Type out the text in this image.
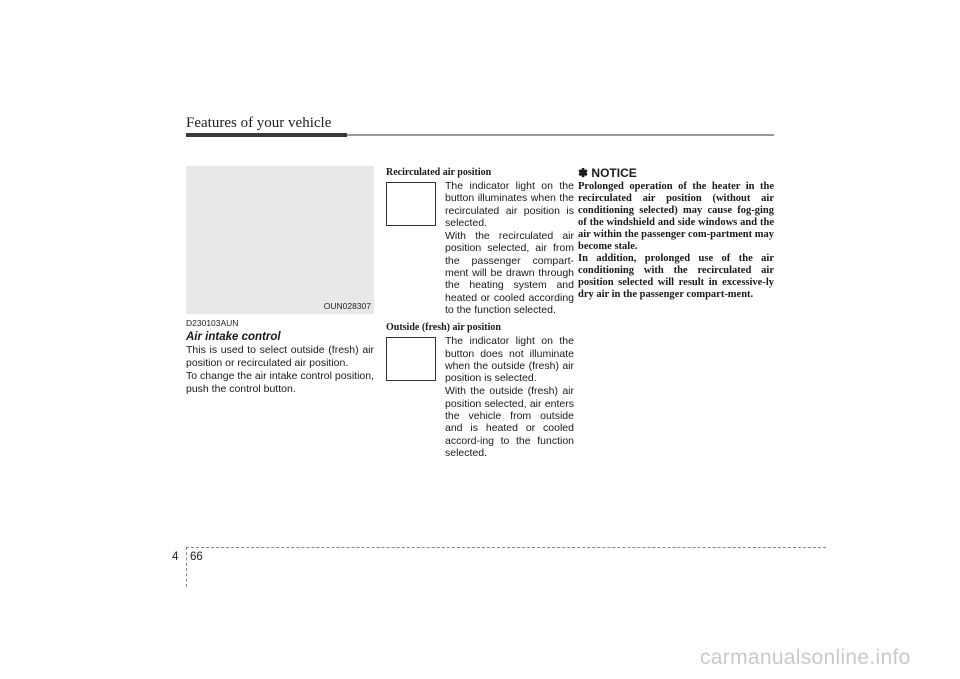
Features of your vehicle
OUN028307
D230103AUN
Air intake control

This is used to select outside (fresh) air position or recirculated air position.

To change the air intake control position, push the control button.

Recirculated air position

The indicator light on the button illuminates when the recirculated air position is selected.

With the recirculated air position selected, air from the passenger compart-ment will be drawn through the heating system and heated or cooled according to the function selected.

Outside (fresh) air position

The indicator light on the button does not illuminate when the outside (fresh) air position is selected.

With the outside (fresh) air position selected, air enters the vehicle from outside and is heated or cooled accord-ing to the function selected.

✽ NOTICE

Prolonged operation of the heater in the recirculated air position (without air conditioning selected) may cause fog-ging of the windshield and side windows and the air within the passenger com-partment may become stale.

In addition, prolonged use of the air conditioning with the recirculated air position selected will result in excessive-ly dry air in the passenger compart-ment.

4 66
carmanualsonline.info
